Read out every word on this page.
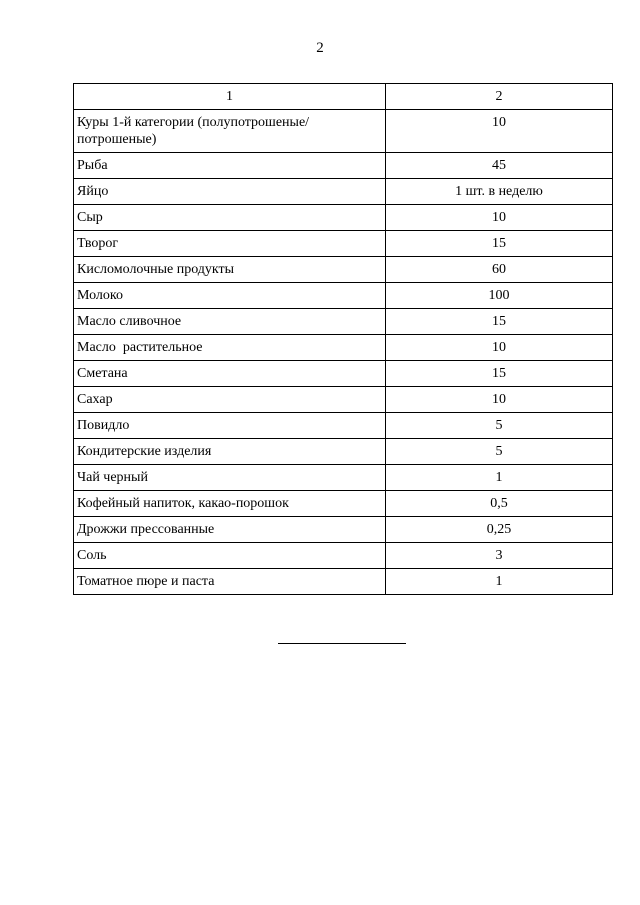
2
1	2
Куры 1-й категории (полупотрошеные/потрошеные)	10
Рыба	45
Яйцо	1 шт. в неделю
Сыр	10
Творог	15
Кисломолочные продукты	60
Молоко	100
Масло сливочное	15
Масло  растительное	10
Сметана	15
Сахар	10
Повидло	5
Кондитерские изделия	5
Чай черный	1
Кофейный напиток, какао-порошок	0,5
Дрожжи прессованные	0,25
Соль	3
Томатное пюре и паста	1
